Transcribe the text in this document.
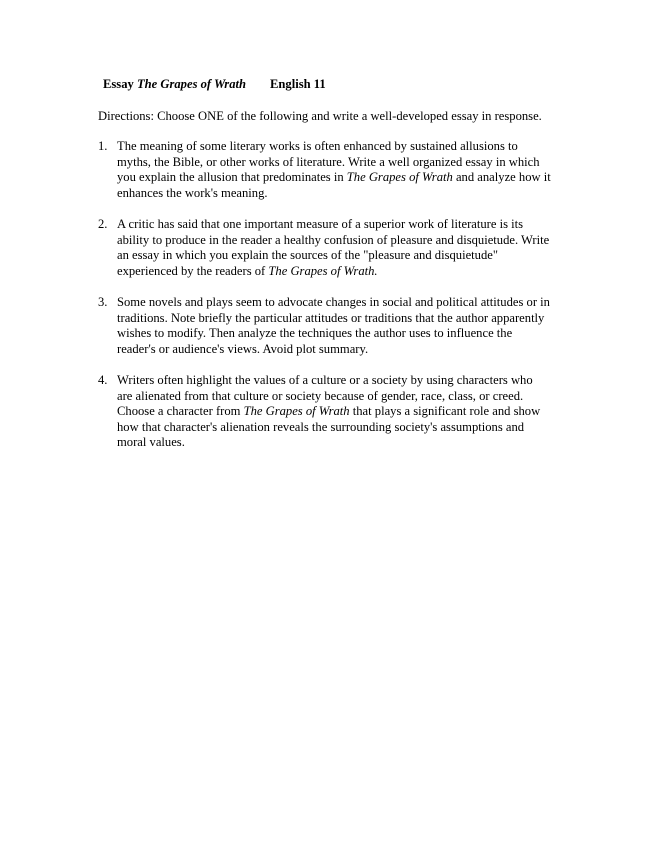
Essay The Grapes of Wrath English 11
Directions: Choose ONE of the following and write a well-developed essay in response.
1. The meaning of some literary works is often enhanced by sustained allusions to
myths, the Bible, or other works of literature. Write a well organized essay in which
you explain the allusion that predominates in The Grapes of Wrath and analyze how it
enhances the work's meaning.
2. A critic has said that one important measure of a superior work of literature is its
ability to produce in the reader a healthy confusion of pleasure and disquietude. Write
an essay in which you explain the sources of the "pleasure and disquietude"
experienced by the readers of The Grapes of Wrath.
3. Some novels and plays seem to advocate changes in social and political attitudes or in
traditions. Note briefly the particular attitudes or traditions that the author apparently
wishes to modify. Then analyze the techniques the author uses to influence the
reader's or audience's views. Avoid plot summary.
4. Writers often highlight the values of a culture or a society by using characters who
are alienated from that culture or society because of gender, race, class, or creed.
Choose a character from The Grapes of Wrath that plays a significant role and show
how that character's alienation reveals the surrounding society's assumptions and
moral values.
